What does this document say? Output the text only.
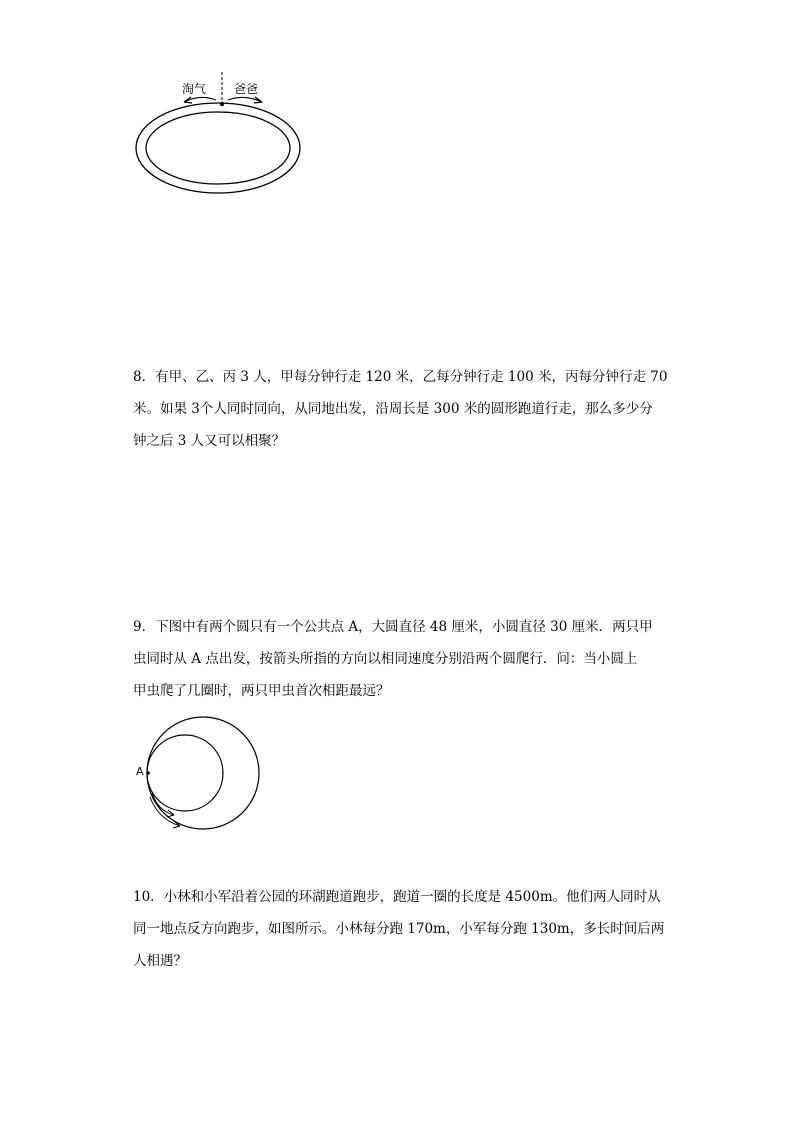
淘气 爸爸
8．有甲、乙、丙 3 人，甲每分钟行走 120 米，乙每分钟行走 100 米，丙每分钟行走 70
米。如果 3个人同时同向，从同地出发，沿周长是 300 米的圆形跑道行走，那么多少分
钟之后 3 人又可以相聚？
9．下图中有两个圆只有一个公共点 A，大圆直径 48 厘米，小圆直径 30 厘米．两只甲
虫同时从 A 点出发，按箭头所指的方向以相同速度分别沿两个圆爬行．问：当小圆上
甲虫爬了几圈时，两只甲虫首次相距最远？
A
10．小林和小军沿着公园的环湖跑道跑步，跑道一圈的长度是 4500m。他们两人同时从
同一地点反方向跑步，如图所示。小林每分跑 170m，小军每分跑 130m，多长时间后两
人相遇？
